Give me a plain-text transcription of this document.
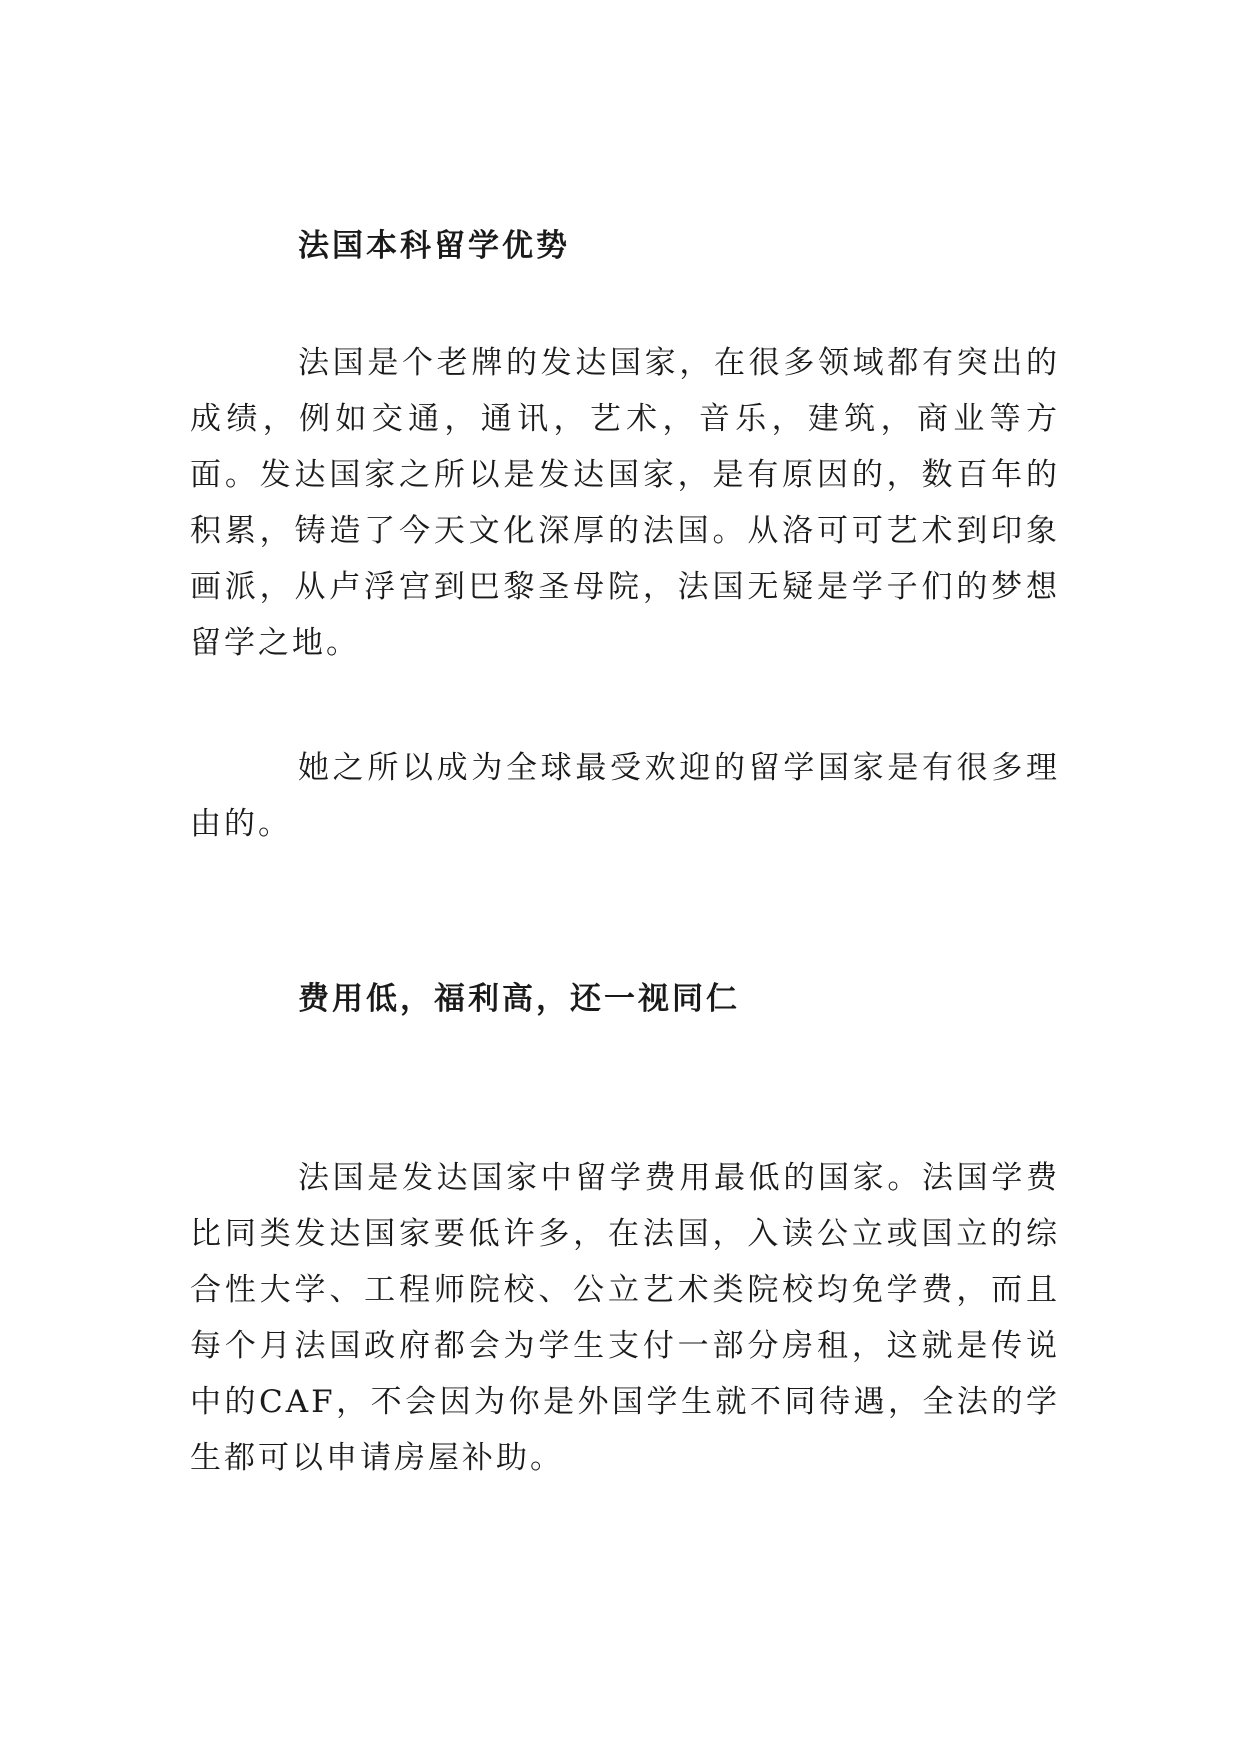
法国本科留学优势

法国是个老牌的发达国家，在很多领域都有突出的成绩，例如交通，通讯，艺术，音乐，建筑，商业等方面。发达国家之所以是发达国家，是有原因的，数百年的积累，铸造了今天文化深厚的法国。从洛可可艺术到印象画派，从卢浮宫到巴黎圣母院，法国无疑是学子们的梦想留学之地。

她之所以成为全球最受欢迎的留学国家是有很多理由的。

费用低，福利高，还一视同仁

法国是发达国家中留学费用最低的国家。法国学费比同类发达国家要低许多，在法国，入读公立或国立的综合性大学、工程师院校、公立艺术类院校均免学费，而且每个月法国政府都会为学生支付一部分房租，这就是传说中的CAF，不会因为你是外国学生就不同待遇，全法的学生都可以申请房屋补助。
